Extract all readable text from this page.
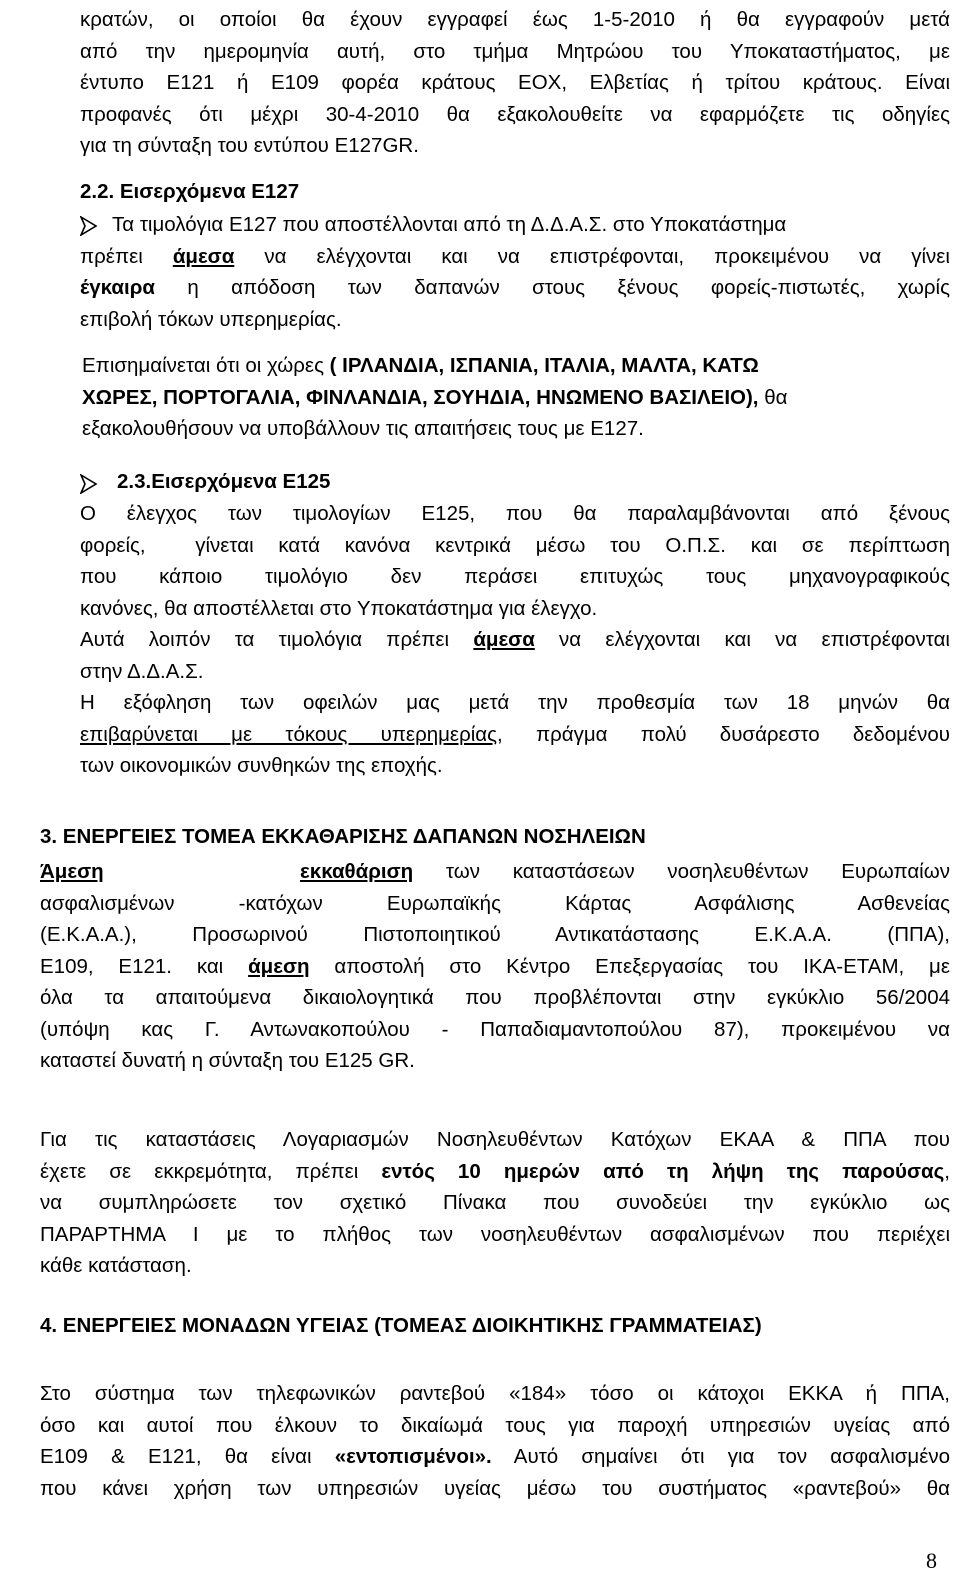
κρατών, οι οποίοι θα έχουν εγγραφεί έως 1-5-2010 ή θα εγγραφούν μετά
από την ημερομηνία αυτή, στο τμήμα Μητρώου του Υποκαταστήματος, με
έντυπο Ε121 ή Ε109 φορέα κράτους ΕΟΧ, Ελβετίας ή τρίτου κράτους. Είναι
προφανές ότι μέχρι 30-4-2010 θα εξακολουθείτε να εφαρμόζετε τις οδηγίες
για τη σύνταξη του εντύπου Ε127GR.
2.2. Εισερχόμενα Ε127
Τα τιμολόγια Ε127 που αποστέλλονται από τη Δ.Δ.Α.Σ. στο Υποκατάστημα
πρέπει άμεσα να ελέγχονται και να επιστρέφονται, προκειμένου να γίνει
έγκαιρα η απόδοση των δαπανών στους ξένους φορείς-πιστωτές, χωρίς
επιβολή τόκων υπερημερίας.
Επισημαίνεται ότι οι χώρες ( ΙΡΛΑΝΔΙΑ, ΙΣΠΑΝΙΑ, ΙΤΑΛΙΑ, ΜΑΛΤΑ, ΚΑΤΩ
ΧΩΡΕΣ, ΠΟΡΤΟΓΑΛΙΑ, ΦΙΝΛΑΝΔΙΑ, ΣΟΥΗΔΙΑ, ΗΝΩΜΕΝΟ ΒΑΣΙΛΕΙΟ), θα
εξακολουθήσουν να υποβάλλουν τις απαιτήσεις τους με Ε127.
2.3.Εισερχόμενα Ε125
Ο έλεγχος των τιμολογίων Ε125, που θα παραλαμβάνονται από ξένους
φορείς,  γίνεται κατά κανόνα κεντρικά μέσω του Ο.Π.Σ. και σε περίπτωση
που κάποιο τιμολόγιο δεν περάσει επιτυχώς τους μηχανογραφικούς
κανόνες, θα αποστέλλεται στο Υποκατάστημα για έλεγχο.
Αυτά λοιπόν τα τιμολόγια πρέπει άμεσα να ελέγχονται και να επιστρέφονται
στην Δ.Δ.Α.Σ.
Η εξόφληση των οφειλών μας μετά την προθεσμία των 18 μηνών θα
επιβαρύνεται με τόκους υπερημερίας, πράγμα πολύ δυσάρεστο δεδομένου
των οικονομικών συνθηκών της εποχής.
3. ΕΝΕΡΓΕΙΕΣ ΤΟΜΕΑ ΕΚΚΑΘΑΡΙΣΗΣ ΔΑΠΑΝΩΝ ΝΟΣΗΛΕΙΩΝ
Άμεση	εκκαθάριση των καταστάσεων νοσηλευθέντων Ευρωπαίων
ασφαλισμένων -κατόχων Ευρωπαϊκής Κάρτας Ασφάλισης Ασθενείας
(Ε.Κ.Α.Α.), Προσωρινού Πιστοποιητικού Αντικατάστασης Ε.Κ.Α.Α. (ΠΠΑ),
Ε109, Ε121. και άμεση αποστολή στο Κέντρο Επεξεργασίας του ΙΚΑ-ΕΤΑΜ, με
όλα τα απαιτούμενα δικαιολογητικά που προβλέπονται στην εγκύκλιο 56/2004
(υπόψη κας Γ. Αντωνακοπούλου - Παπαδιαμαντοπούλου 87), προκειμένου να
καταστεί δυνατή η σύνταξη του Ε125 GR.
Για τις καταστάσεις Λογαριασμών Νοσηλευθέντων Κατόχων ΕΚΑΑ & ΠΠΑ που
έχετε σε εκκρεμότητα, πρέπει εντός 10 ημερών από τη λήψη της παρούσας,
να συμπληρώσετε τον σχετικό Πίνακα που συνοδεύει την εγκύκλιο ως
ΠΑΡΑΡΤΗΜΑ Ι με το πλήθος των νοσηλευθέντων ασφαλισμένων που περιέχει
κάθε κατάσταση.
4. ΕΝΕΡΓΕΙΕΣ ΜΟΝΑΔΩΝ ΥΓΕΙΑΣ (ΤΟΜΕΑΣ ΔΙΟΙΚΗΤΙΚΗΣ ΓΡΑΜΜΑΤΕΙΑΣ)
Στο σύστημα των τηλεφωνικών ραντεβού «184» τόσο οι κάτοχοι ΕΚΚΑ ή ΠΠΑ,
όσο και αυτοί που έλκουν το δικαίωμά τους για παροχή υπηρεσιών υγείας από
Ε109 & Ε121, θα είναι «εντοπισμένοι». Αυτό σημαίνει ότι για τον ασφαλισμένο
που κάνει χρήση των υπηρεσιών υγείας μέσω του συστήματος «ραντεβού» θα
8
